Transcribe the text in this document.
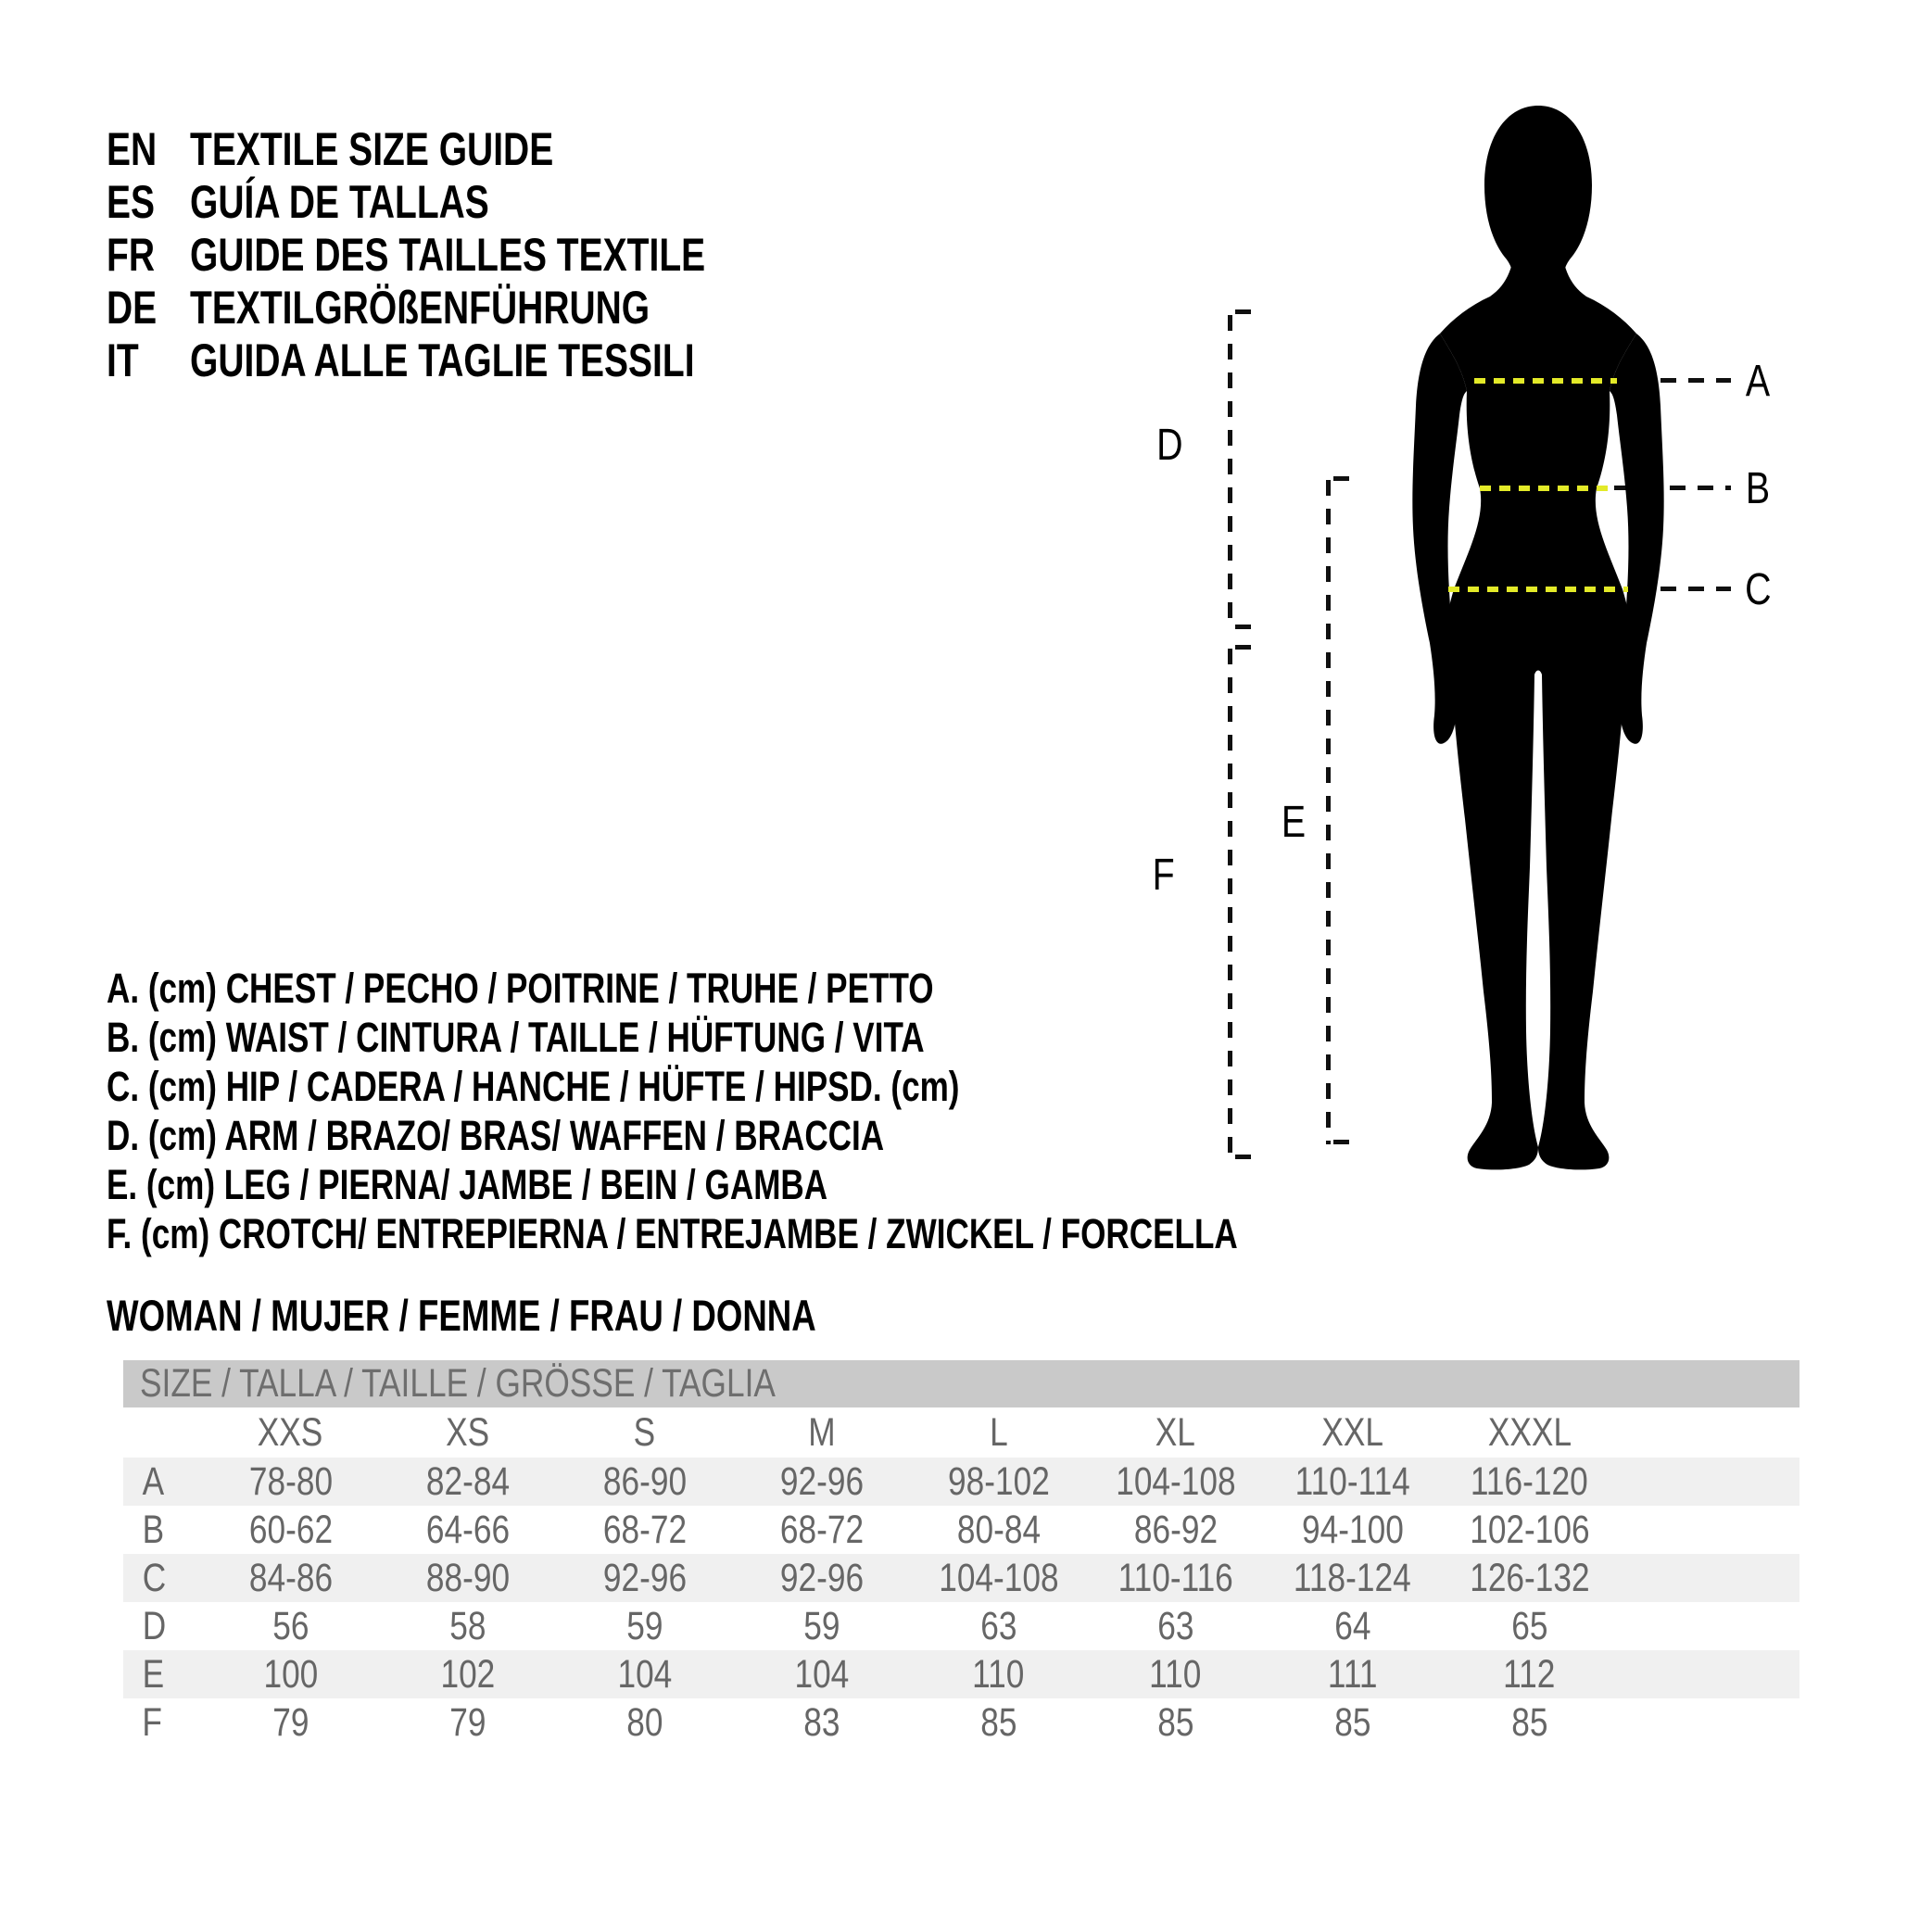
EN TEXTILE SIZE GUIDE
ES GUÍA DE TALLAS
FR GUIDE DES TAILLES TEXTILE
DE TEXTILGRÖßENFÜHRUNG
IT GUIDA ALLE TAGLIE TESSILI	A
B
C
D
E
F
A. (cm) CHEST / PECHO / POITRINE / TRUHE / PETTO
B. (cm) WAIST / CINTURA / TAILLE / HÜFTUNG / VITA
C. (cm) HIP / CADERA / HANCHE / HÜFTE / HIPSD. (cm)
D. (cm) ARM / BRAZO/ BRAS/ WAFFEN / BRACCIA
E. (cm) LEG / PIERNA/ JAMBE / BEIN / GAMBA
F. (cm) CROTCH/ ENTREPIERNA / ENTREJAMBE / ZWICKEL / FORCELLA
WOMAN / MUJER / FEMME / FRAU / DONNA
SIZE / TALLA / TAILLE / GRÖSSE / TAGLIA
XXS	XS	S	M	L	XL	XXL	XXXL
A	78-80	82-84	86-90	92-96	98-102	104-108	110-114	116-120
B	60-62	64-66	68-72	68-72	80-84	86-92	94-100	102-106
C	84-86	88-90	92-96	92-96	104-108	110-116	118-124	126-132
D	56	58	59	59	63	63	64	65
E	100	102	104	104	110	110	111	112
F	79	79	80	83	85	85	85	85
